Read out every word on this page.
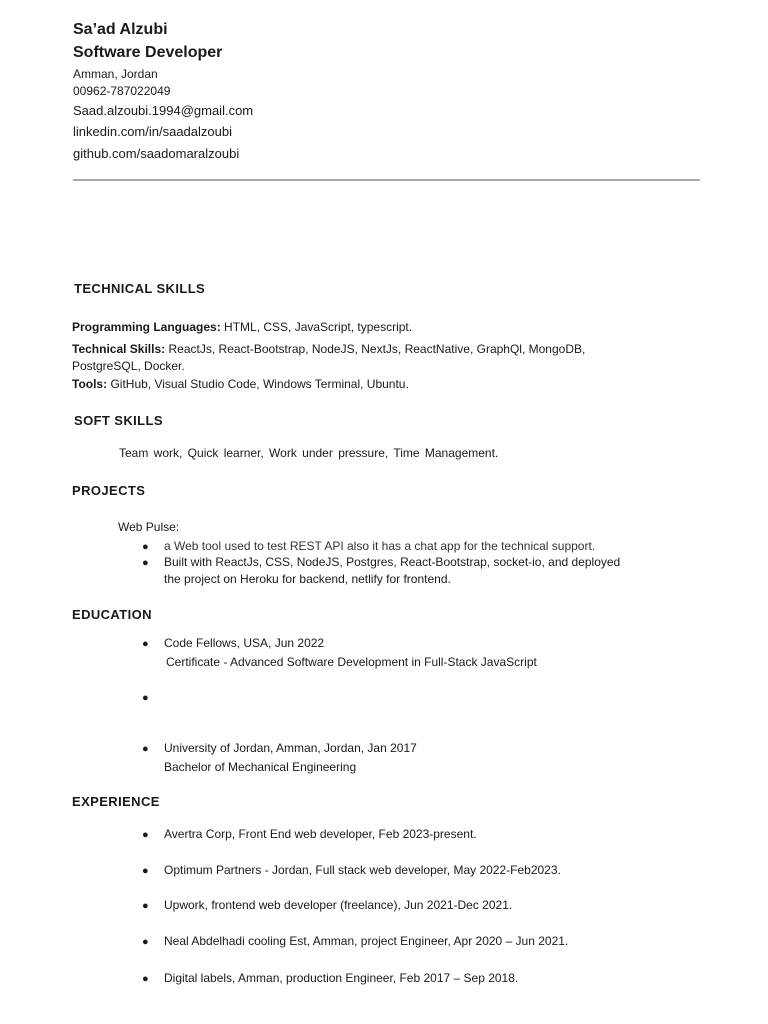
Sa’ad Alzubi
Software Developer
Amman, Jordan
00962-787022049
Saad.alzoubi.1994@gmail.com
linkedin.com/in/saadalzoubi
github.com/saadomaralzoubi
TECHNICAL SKILLS
Programming Languages: HTML, CSS, JavaScript, typescript.
Technical Skills: ReactJs, React-Bootstrap, NodeJS, NextJs, ReactNative, GraphQl, MongoDB,
PostgreSQL, Docker.
Tools: GitHub, Visual Studio Code, Windows Terminal, Ubuntu.
SOFT SKILLS
Team work, Quick learner, Work under pressure, Time Management.
PROJECTS
Web Pulse:
● a Web tool used to test REST API also it has a chat app for the technical support.
● Built with ReactJs, CSS, NodeJS, Postgres, React-Bootstrap, socket-io, and deployed
the project on Heroku for backend, netlify for frontend.
EDUCATION
● Code Fellows, USA, Jun 2022
Certificate - Advanced Software Development in Full-Stack JavaScript
●
● University of Jordan, Amman, Jordan, Jan 2017
Bachelor of Mechanical Engineering
EXPERIENCE
● Avertra Corp, Front End web developer, Feb 2023-present.
● Optimum Partners - Jordan, Full stack web developer, May 2022-Feb2023.
● Upwork, frontend web developer (freelance), Jun 2021-Dec 2021.
● Neal Abdelhadi cooling Est, Amman, project Engineer, Apr 2020 – Jun 2021.
● Digital labels, Amman, production Engineer, Feb 2017 – Sep 2018.
